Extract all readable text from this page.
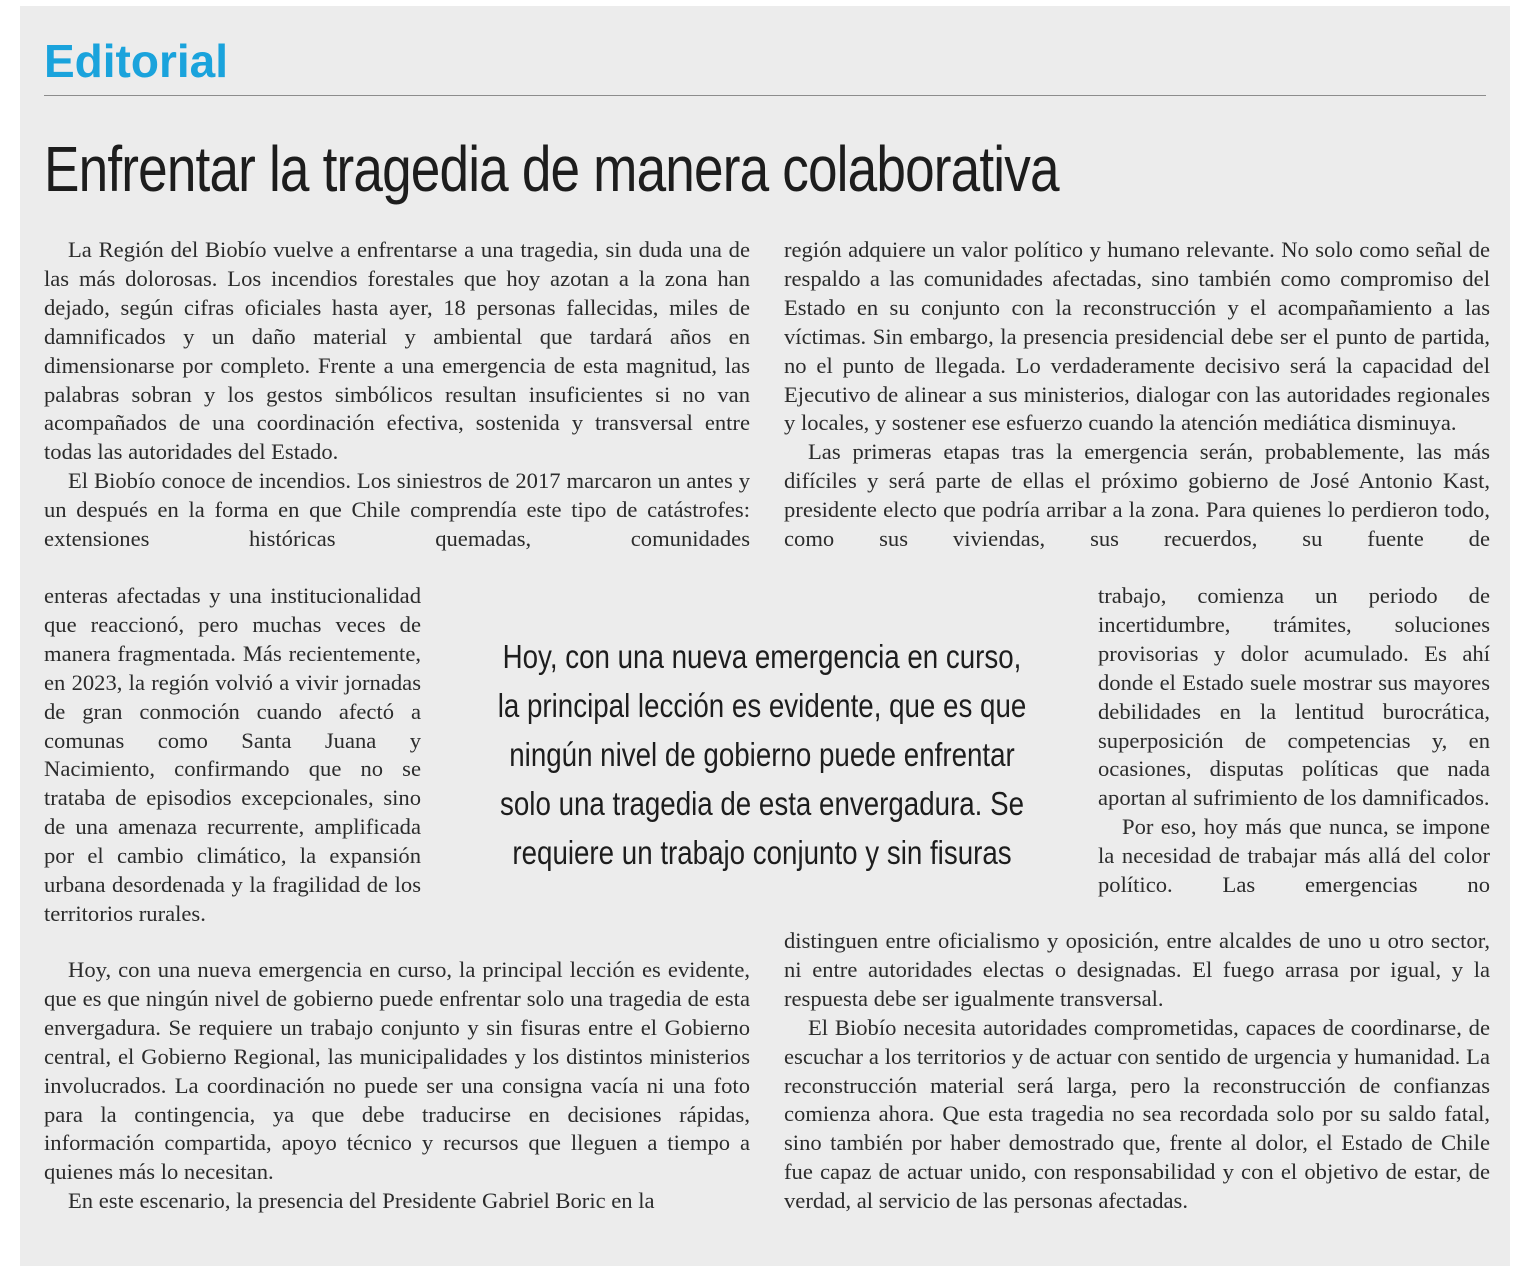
Editorial
Enfrentar la tragedia de manera colaborativa

La Región del Biobío vuelve a enfrentarse a una tragedia, sin duda una de las más dolorosas. Los incendios forestales que hoy azotan a la zona han dejado, según cifras oficiales hasta ayer, 18 personas fallecidas, miles de damnificados y un daño material y ambiental que tardará años en dimensionarse por completo. Frente a una emergencia de esta magnitud, las palabras sobran y los gestos simbólicos resultan insuficientes si no van acompañados de una coordinación efectiva, sostenida y transversal entre todas las autoridades del Estado.

El Biobío conoce de incendios. Los siniestros de 2017 marcaron un antes y un después en la forma en que Chile comprendía este tipo de catástrofes: extensiones históricas quemadas, comunidades

enteras afectadas y una institucionalidad que reaccionó, pero muchas veces de manera fragmentada. Más recientemente, en 2023, la región volvió a vivir jornadas de gran conmoción cuando afectó a comunas como Santa Juana y Nacimiento, confirmando que no se trataba de episodios excepcionales, sino de una amenaza recurrente, amplificada por el cambio climático, la expansión urbana desordenada y la fragilidad de los territorios rurales.

Hoy, con una nueva emergencia en curso, la principal lección es evidente, que es que ningún nivel de gobierno puede enfrentar solo una tragedia de esta envergadura. Se requiere un trabajo conjunto y sin fisuras entre el Gobierno central, el Gobierno Regional, las municipalidades y los distintos ministerios involucrados. La coordinación no puede ser una consigna vacía ni una foto para la contingencia, ya que debe traducirse en decisiones rápidas, información compartida, apoyo técnico y recursos que lleguen a tiempo a quienes más lo necesitan.

En este escenario, la presencia del Presidente Gabriel Boric en la

región adquiere un valor político y humano relevante. No solo como señal de respaldo a las comunidades afectadas, sino también como compromiso del Estado en su conjunto con la reconstrucción y el acompañamiento a las víctimas. Sin embargo, la presencia presidencial debe ser el punto de partida, no el punto de llegada. Lo verdaderamente decisivo será la capacidad del Ejecutivo de alinear a sus ministerios, dialogar con las autoridades regionales y locales, y sostener ese esfuerzo cuando la atención mediática disminuya.

Las primeras etapas tras la emergencia serán, probablemente, las más difíciles y será parte de ellas el próximo gobierno de José Antonio Kast, presidente electo que podría arribar a la zona. Para quienes lo perdieron todo, como sus viviendas, sus recuerdos, su fuente de

trabajo, comienza un periodo de incertidumbre, trámites, soluciones provisorias y dolor acumulado. Es ahí donde el Estado suele mostrar sus mayores debilidades en la lentitud burocrática, superposición de competencias y, en ocasiones, disputas políticas que nada aportan al sufrimiento de los damnificados.

Por eso, hoy más que nunca, se impone la necesidad de trabajar más allá del color político. Las emergencias no

distinguen entre oficialismo y oposición, entre alcaldes de uno u otro sector, ni entre autoridades electas o designadas. El fuego arrasa por igual, y la respuesta debe ser igualmente transversal.

El Biobío necesita autoridades comprometidas, capaces de coordinarse, de escuchar a los territorios y de actuar con sentido de urgencia y humanidad. La reconstrucción material será larga, pero la reconstrucción de confianzas comienza ahora. Que esta tragedia no sea recordada solo por su saldo fatal, sino también por haber demostrado que, frente al dolor, el Estado de Chile fue capaz de actuar unido, con responsabilidad y con el objetivo de estar, de verdad, al servicio de las personas afectadas.

Hoy, con una nueva emergencia en curso, la principal lección es evidente, que es que ningún nivel de gobierno puede enfrentar solo una tragedia de esta envergadura. Se requiere un trabajo conjunto y sin fisuras
